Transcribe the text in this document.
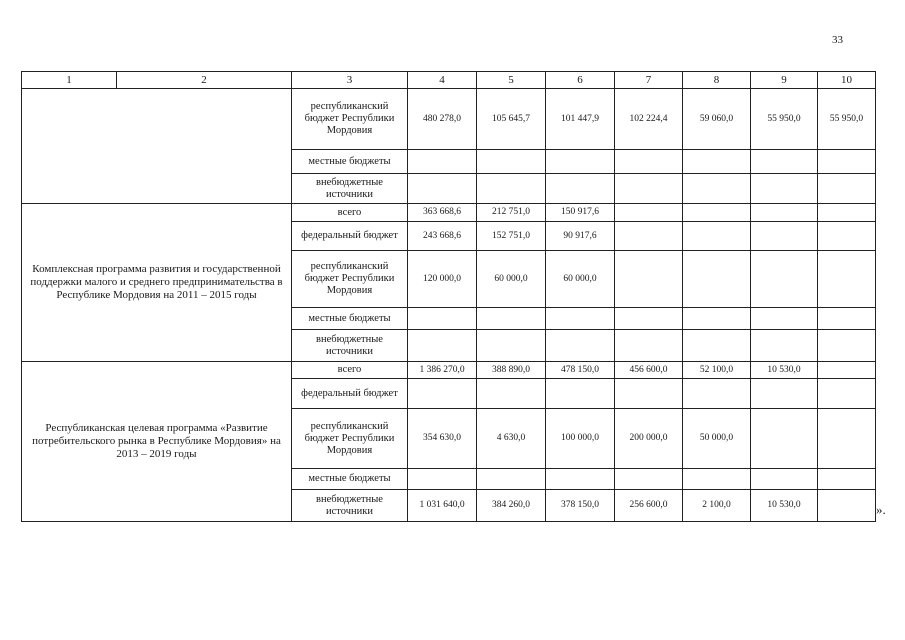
33
1	2	3	4	5	6	7	8	9	10
		республиканский бюджет Республики Мордовия	480 278,0	105 645,7	101 447,9	102 224,4	59 060,0	55 950,0	55 950,0
		местные бюджеты							
		внебюджетные источники							
Комплексная программа развития и государственной поддержки малого и среднего предпринимательства в Республике Мордовия на 2011 – 2015 годы		всего	363 668,6	212 751,0	150 917,6				
		федеральный бюджет	243 668,6	152 751,0	90 917,6				
		республиканский бюджет Республики Мордовия	120 000,0	60 000,0	60 000,0				
		местные бюджеты							
		внебюджетные источники							
Республиканская целевая программа «Развитие потребительского рынка в Республике Мордовия» на 2013 – 2019 годы		всего	1 386 270,0	388 890,0	478 150,0	456 600,0	52 100,0	10 530,0	
		федеральный бюджет							
		республиканский бюджет Республики Мордовия	354 630,0	4 630,0	100 000,0	200 000,0	50 000,0		
		местные бюджеты							
		внебюджетные источники	1 031 640,0	384 260,0	378 150,0	256 600,0	2 100,0	10 530,0		».
